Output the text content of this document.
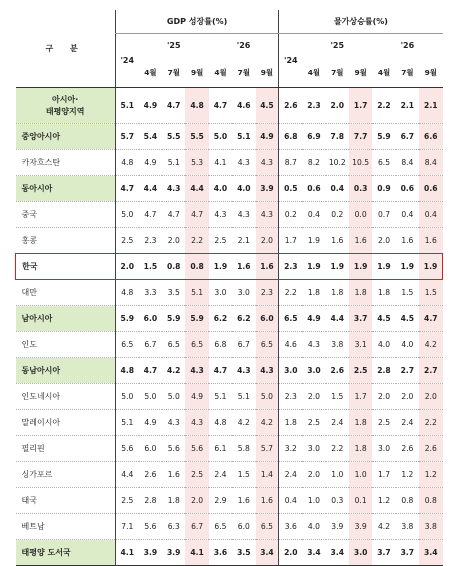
구 분	GDP 성장률(%)							물가상승률(%)						
	'24	'25			'26			'24	'25			'26		
		4월	7월	9월	4월	7월	9월		4월	7월	9월	4월	7월	9월
아시아·
태평양지역	5.1	4.9	4.7	4.8	4.7	4.6	4.5	2.6	2.3	2.0	1.7	2.2	2.1	2.1
중앙아시아	5.7	5.4	5.5	5.5	5.0	5.1	4.9	6.8	6.9	7.8	7.7	5.9	6.7	6.6
카자흐스탄	4.8	4.9	5.1	5.3	4.1	4.3	4.3	8.7	8.2	10.2	10.5	6.5	8.4	8.4
동아시아	4.7	4.4	4.3	4.4	4.0	4.0	3.9	0.5	0.6	0.4	0.3	0.9	0.6	0.6
중국	5.0	4.7	4.7	4.7	4.3	4.3	4.3	0.2	0.4	0.2	0.0	0.7	0.4	0.4
홍콩	2.5	2.3	2.0	2.2	2.5	2.1	2.0	1.7	1.9	1.6	1.6	2.0	1.6	1.6
한국	2.0	1.5	0.8	0.8	1.9	1.6	1.6	2.3	1.9	1.9	1.9	1.9	1.9	1.9
대만	4.8	3.3	3.5	5.1	3.0	3.0	2.3	2.2	1.8	1.8	1.8	1.8	1.5	1.5
남아시아	5.9	6.0	5.9	5.9	6.2	6.2	6.0	6.5	4.9	4.4	3.7	4.5	4.5	4.7
인도	6.5	6.7	6.5	6.5	6.8	6.7	6.5	4.6	4.3	3.8	3.1	4.0	4.0	4.2
동남아시아	4.8	4.7	4.2	4.3	4.7	4.3	4.3	3.0	3.0	2.6	2.5	2.8	2.7	2.7
인도네시아	5.0	5.0	5.0	4.9	5.1	5.1	5.0	2.3	2.0	1.5	1.7	2.0	2.0	2.0
말레이시아	5.1	4.9	4.3	4.3	4.8	4.2	4.2	1.8	2.5	2.4	1.8	2.5	2.4	2.2
필리핀	5.6	6.0	5.6	5.6	6.1	5.8	5.7	3.2	3.0	2.2	1.8	3.0	2.6	2.6
싱가포르	4.4	2.6	1.6	2.5	2.4	1.5	1.4	2.4	2.0	1.0	1.0	1.7	1.2	1.2
태국	2.5	2.8	1.8	2.0	2.9	1.6	1.6	0.4	1.0	0.3	0.1	1.2	0.8	0.8
베트남	7.1	5.6	6.3	6.7	6.5	6.0	6.5	3.6	4.0	3.9	3.9	4.2	3.8	3.8
태평양 도서국	4.1	3.9	3.9	4.1	3.6	3.5	3.4	2.0	3.4	3.4	3.0	3.7	3.7	3.4
